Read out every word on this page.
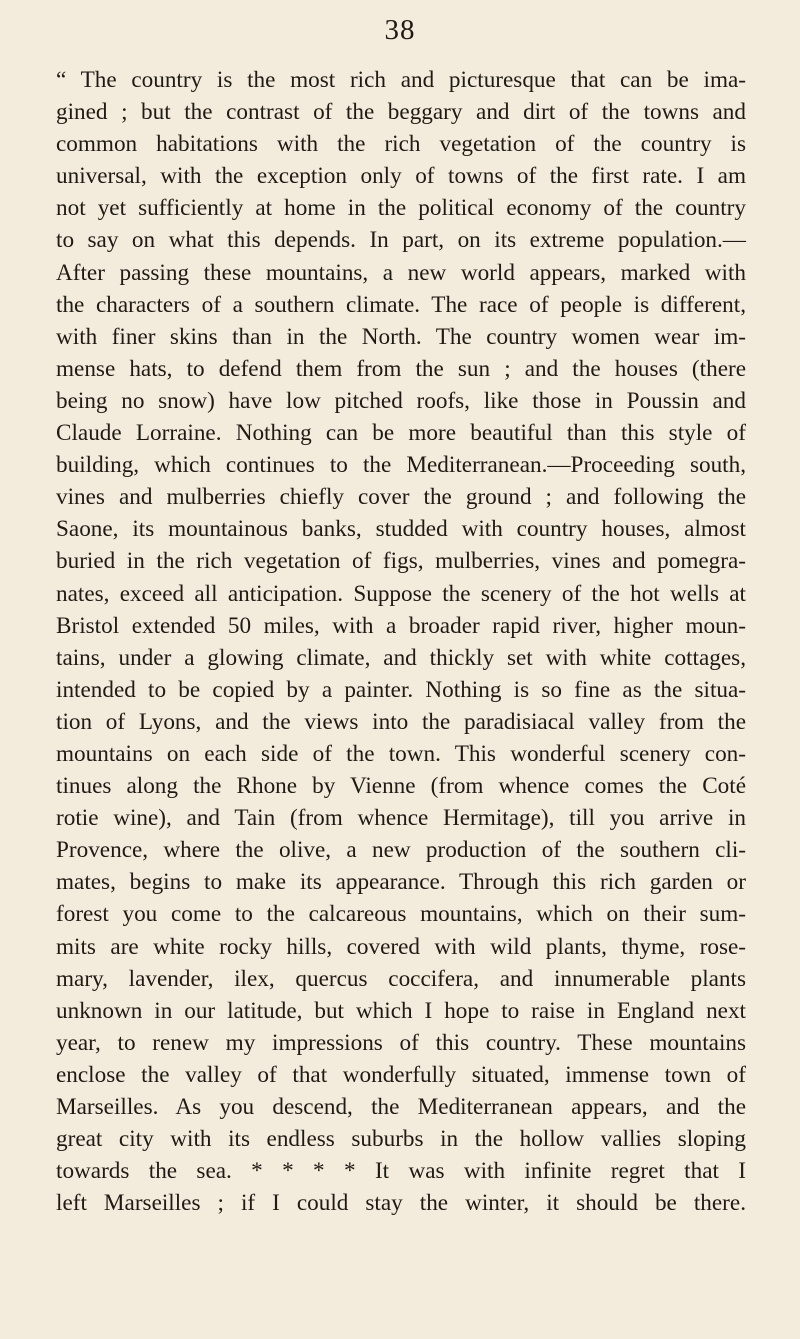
38
“ The country is the most rich and picturesque that can be ima-
gined ; but the contrast of the beggary and dirt of the towns and
common habitations with the rich vegetation of the country is
universal, with the exception only of towns of the first rate. I am
not yet sufficiently at home in the political economy of the country
to say on what this depends. In part, on its extreme population.—
After passing these mountains, a new world appears, marked with
the characters of a southern climate. The race of people is different,
with finer skins than in the North. The country women wear im-
mense hats, to defend them from the sun ; and the houses (there
being no snow) have low pitched roofs, like those in Poussin and
Claude Lorraine. Nothing can be more beautiful than this style of
building, which continues to the Mediterranean.—Proceeding south,
vines and mulberries chiefly cover the ground ; and following the
Saone, its mountainous banks, studded with country houses, almost
buried in the rich vegetation of figs, mulberries, vines and pomegra-
nates, exceed all anticipation. Suppose the scenery of the hot wells at
Bristol extended 50 miles, with a broader rapid river, higher moun-
tains, under a glowing climate, and thickly set with white cottages,
intended to be copied by a painter. Nothing is so fine as the situa-
tion of Lyons, and the views into the paradisiacal valley from the
mountains on each side of the town. This wonderful scenery con-
tinues along the Rhone by Vienne (from whence comes the Coté
rotie wine), and Tain (from whence Hermitage), till you arrive in
Provence, where the olive, a new production of the southern cli-
mates, begins to make its appearance. Through this rich garden or
forest you come to the calcareous mountains, which on their sum-
mits are white rocky hills, covered with wild plants, thyme, rose-
mary, lavender, ilex, quercus coccifera, and innumerable plants
unknown in our latitude, but which I hope to raise in England next
year, to renew my impressions of this country. These mountains
enclose the valley of that wonderfully situated, immense town of
Marseilles. As you descend, the Mediterranean appears, and the
great city with its endless suburbs in the hollow vallies sloping
towards the sea. * * * * It was with infinite regret that I
left Marseilles ; if I could stay the winter, it should be there.
